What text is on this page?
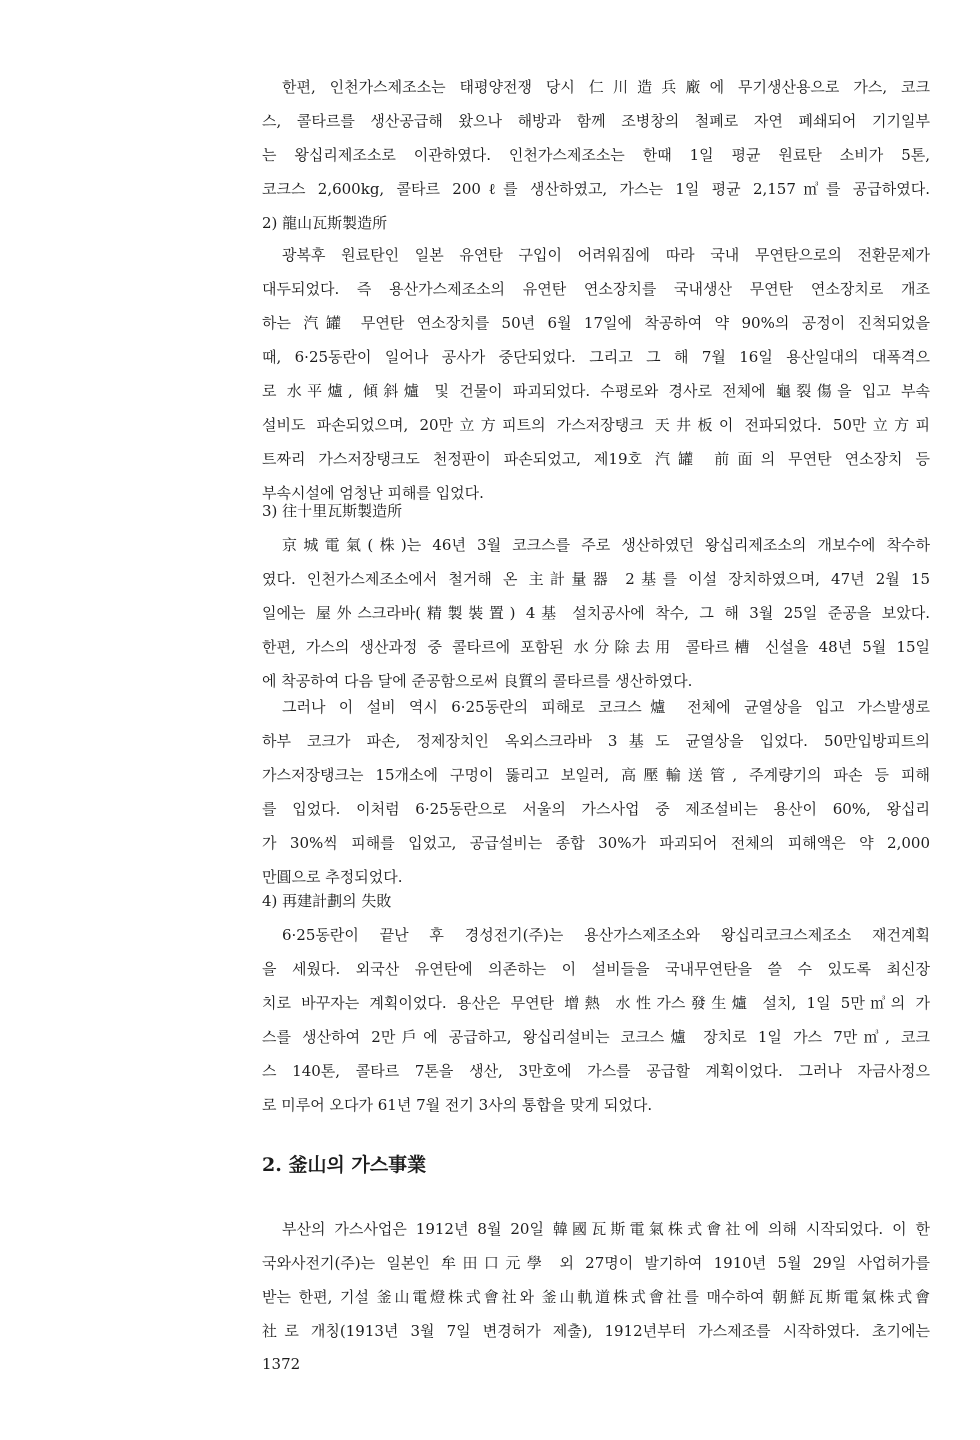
한편, 인천가스제조소는 태평양전쟁 당시 仁川造兵廠에 무기생산용으로 가스, 코크
스, 콜타르를 생산공급해 왔으나 해방과 함께 조병창의 철폐로 자연 폐쇄되어 기기일부
는 왕십리제조소로 이관하였다. 인천가스제조소는 한때 1일 평균 원료탄 소비가 5톤,
코크스 2,600kg, 콜타르 200ℓ를 생산하였고, 가스는 1일 평균 2,157㎥를 공급하였다.
2) 龍山瓦斯製造所
광복후 원료탄인 일본 유연탄 구입이 어려워짐에 따라 국내 무연탄으로의 전환문제가
대두되었다. 즉 용산가스제조소의 유연탄 연소장치를 국내생산 무연탄 연소장치로 개조
하는 汽罐 무연탄 연소장치를 50년 6월 17일에 착공하여 약 90%의 공정이 진척되었을
때, 6·25동란이 일어나 공사가 중단되었다. 그리고 그 해 7월 16일 용산일대의 대폭격으
로 水平爐, 傾斜爐 및 건물이 파괴되었다. 수평로와 경사로 전체에 龜裂傷을 입고 부속
설비도 파손되었으며, 20만立方피트의 가스저장탱크 天井板이 전파되었다. 50만立方피
트짜리 가스저장탱크도 천정판이 파손되었고, 제19호 汽罐 前面의 무연탄 연소장치 등
부속시설에 엄청난 피해를 입었다.
3) 往十里瓦斯製造所
京城電氣(株)는 46년 3월 코크스를 주로 생산하였던 왕십리제조소의 개보수에 착수하
였다. 인천가스제조소에서 철거해 온 主計量器 2基를 이설 장치하였으며, 47년 2월 15
일에는 屋外스크라바(精製裝置) 4基 설치공사에 착수, 그 해 3월 25일 준공을 보았다.
한편, 가스의 생산과정 중 콜타르에 포함된 水分除去用 콜타르槽 신설을 48년 5월 15일
에 착공하여 다음 달에 준공함으로써 良質의 콜타르를 생산하였다.
그러나 이 설비 역시 6·25동란의 피해로 코크스爐 전체에 균열상을 입고 가스발생로
하부 코크가 파손, 정제장치인 옥외스크라바 3基도 균열상을 입었다. 50만입방피트의
가스저장탱크는 15개소에 구멍이 뚫리고 보일러, 高壓輸送管, 주계량기의 파손 등 피해
를 입었다. 이처럼 6·25동란으로 서울의 가스사업 중 제조설비는 용산이 60%, 왕십리
가 30%씩 피해를 입었고, 공급설비는 종합 30%가 파괴되어 전체의 피해액은 약 2,000
만圓으로 추정되었다.
4) 再建計劃의 失敗
6·25동란이 끝난 후 경성전기(주)는 용산가스제조소와 왕십리코크스제조소 재건계획
을 세웠다. 외국산 유연탄에 의존하는 이 설비들을 국내무연탄을 쓸 수 있도록 최신장
치로 바꾸자는 계획이었다. 용산은 무연탄 增熱 水性가스發生爐 설치, 1일 5만㎥의 가
스를 생산하여 2만戶에 공급하고, 왕십리설비는 코크스爐 장치로 1일 가스 7만㎥, 코크
스 140톤, 콜타르 7톤을 생산, 3만호에 가스를 공급할 계획이었다. 그러나 자금사정으
로 미루어 오다가 61년 7월 전기 3사의 통합을 맞게 되었다.
2. 釜山의 가스事業
부산의 가스사업은 1912년 8월 20일 韓國瓦斯電氣株式會社에 의해 시작되었다. 이 한
국와사전기(주)는 일본인 牟田口元學 외 27명이 발기하여 1910년 5월 29일 사업허가를
받는 한편, 기설 釜山電燈株式會社와 釜山軌道株式會社를 매수하여 朝鮮瓦斯電氣株式會
社로 개칭(1913년 3월 7일 변경허가 제출), 1912년부터 가스제조를 시작하였다. 초기에는
1372
